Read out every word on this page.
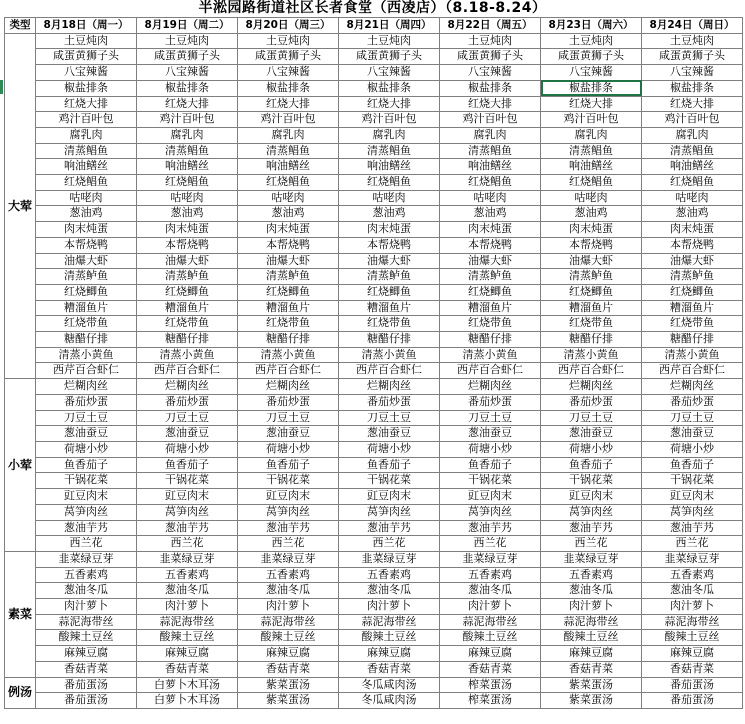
半淞园路街道社区长者食堂（西凌店）（8.18-8.24）
类型	8月18日（周一）	8月19日（周二）	8月20日（周三）	8月21日（周四）	8月22日（周五）	8月23日（周六）	8月24日（周日）
大荤	土豆炖肉	土豆炖肉	土豆炖肉	土豆炖肉	土豆炖肉	土豆炖肉	土豆炖肉
	咸蛋黄狮子头	咸蛋黄狮子头	咸蛋黄狮子头	咸蛋黄狮子头	咸蛋黄狮子头	咸蛋黄狮子头	咸蛋黄狮子头
	八宝辣酱	八宝辣酱	八宝辣酱	八宝辣酱	八宝辣酱	八宝辣酱	八宝辣酱
	椒盐排条	椒盐排条	椒盐排条	椒盐排条	椒盐排条	椒盐排条	椒盐排条
	红烧大排	红烧大排	红烧大排	红烧大排	红烧大排	红烧大排	红烧大排
	鸡汁百叶包	鸡汁百叶包	鸡汁百叶包	鸡汁百叶包	鸡汁百叶包	鸡汁百叶包	鸡汁百叶包
	腐乳肉	腐乳肉	腐乳肉	腐乳肉	腐乳肉	腐乳肉	腐乳肉
	清蒸鲳鱼	清蒸鲳鱼	清蒸鲳鱼	清蒸鲳鱼	清蒸鲳鱼	清蒸鲳鱼	清蒸鲳鱼
	响油鳝丝	响油鳝丝	响油鳝丝	响油鳝丝	响油鳝丝	响油鳝丝	响油鳝丝
	红烧鲳鱼	红烧鲳鱼	红烧鲳鱼	红烧鲳鱼	红烧鲳鱼	红烧鲳鱼	红烧鲳鱼
	咕咾肉	咕咾肉	咕咾肉	咕咾肉	咕咾肉	咕咾肉	咕咾肉
	葱油鸡	葱油鸡	葱油鸡	葱油鸡	葱油鸡	葱油鸡	葱油鸡
	肉末炖蛋	肉末炖蛋	肉末炖蛋	肉末炖蛋	肉末炖蛋	肉末炖蛋	肉末炖蛋
	本帮烧鸭	本帮烧鸭	本帮烧鸭	本帮烧鸭	本帮烧鸭	本帮烧鸭	本帮烧鸭
	油爆大虾	油爆大虾	油爆大虾	油爆大虾	油爆大虾	油爆大虾	油爆大虾
	清蒸鲈鱼	清蒸鲈鱼	清蒸鲈鱼	清蒸鲈鱼	清蒸鲈鱼	清蒸鲈鱼	清蒸鲈鱼
	红烧鲫鱼	红烧鲫鱼	红烧鲫鱼	红烧鲫鱼	红烧鲫鱼	红烧鲫鱼	红烧鲫鱼
	糟溜鱼片	糟溜鱼片	糟溜鱼片	糟溜鱼片	糟溜鱼片	糟溜鱼片	糟溜鱼片
	红烧带鱼	红烧带鱼	红烧带鱼	红烧带鱼	红烧带鱼	红烧带鱼	红烧带鱼
	糖醋仔排	糖醋仔排	糖醋仔排	糖醋仔排	糖醋仔排	糖醋仔排	糖醋仔排
	清蒸小黄鱼	清蒸小黄鱼	清蒸小黄鱼	清蒸小黄鱼	清蒸小黄鱼	清蒸小黄鱼	清蒸小黄鱼
	西芹百合虾仁	西芹百合虾仁	西芹百合虾仁	西芹百合虾仁	西芹百合虾仁	西芹百合虾仁	西芹百合虾仁
小荤	烂糊肉丝	烂糊肉丝	烂糊肉丝	烂糊肉丝	烂糊肉丝	烂糊肉丝	烂糊肉丝
	番茄炒蛋	番茄炒蛋	番茄炒蛋	番茄炒蛋	番茄炒蛋	番茄炒蛋	番茄炒蛋
	刀豆土豆	刀豆土豆	刀豆土豆	刀豆土豆	刀豆土豆	刀豆土豆	刀豆土豆
	葱油蚕豆	葱油蚕豆	葱油蚕豆	葱油蚕豆	葱油蚕豆	葱油蚕豆	葱油蚕豆
	荷塘小炒	荷塘小炒	荷塘小炒	荷塘小炒	荷塘小炒	荷塘小炒	荷塘小炒
	鱼香茄子	鱼香茄子	鱼香茄子	鱼香茄子	鱼香茄子	鱼香茄子	鱼香茄子
	干锅花菜	干锅花菜	干锅花菜	干锅花菜	干锅花菜	干锅花菜	干锅花菜
	豇豆肉末	豇豆肉末	豇豆肉末	豇豆肉末	豇豆肉末	豇豆肉末	豇豆肉末
	莴笋肉丝	莴笋肉丝	莴笋肉丝	莴笋肉丝	莴笋肉丝	莴笋肉丝	莴笋肉丝
	葱油芋艿	葱油芋艿	葱油芋艿	葱油芋艿	葱油芋艿	葱油芋艿	葱油芋艿
	西兰花	西兰花	西兰花	西兰花	西兰花	西兰花	西兰花
素菜	韭菜绿豆芽	韭菜绿豆芽	韭菜绿豆芽	韭菜绿豆芽	韭菜绿豆芽	韭菜绿豆芽	韭菜绿豆芽
	五香素鸡	五香素鸡	五香素鸡	五香素鸡	五香素鸡	五香素鸡	五香素鸡
	葱油冬瓜	葱油冬瓜	葱油冬瓜	葱油冬瓜	葱油冬瓜	葱油冬瓜	葱油冬瓜
	肉汁萝卜	肉汁萝卜	肉汁萝卜	肉汁萝卜	肉汁萝卜	肉汁萝卜	肉汁萝卜
	蒜泥海带丝	蒜泥海带丝	蒜泥海带丝	蒜泥海带丝	蒜泥海带丝	蒜泥海带丝	蒜泥海带丝
	酸辣土豆丝	酸辣土豆丝	酸辣土豆丝	酸辣土豆丝	酸辣土豆丝	酸辣土豆丝	酸辣土豆丝
	麻辣豆腐	麻辣豆腐	麻辣豆腐	麻辣豆腐	麻辣豆腐	麻辣豆腐	麻辣豆腐
	香菇青菜	香菇青菜	香菇青菜	香菇青菜	香菇青菜	香菇青菜	香菇青菜
例汤	番茄蛋汤	白萝卜木耳汤	紫菜蛋汤	冬瓜咸肉汤	榨菜蛋汤	紫菜蛋汤	番茄蛋汤
	番茄蛋汤	白萝卜木耳汤	紫菜蛋汤	冬瓜咸肉汤	榨菜蛋汤	紫菜蛋汤	番茄蛋汤
